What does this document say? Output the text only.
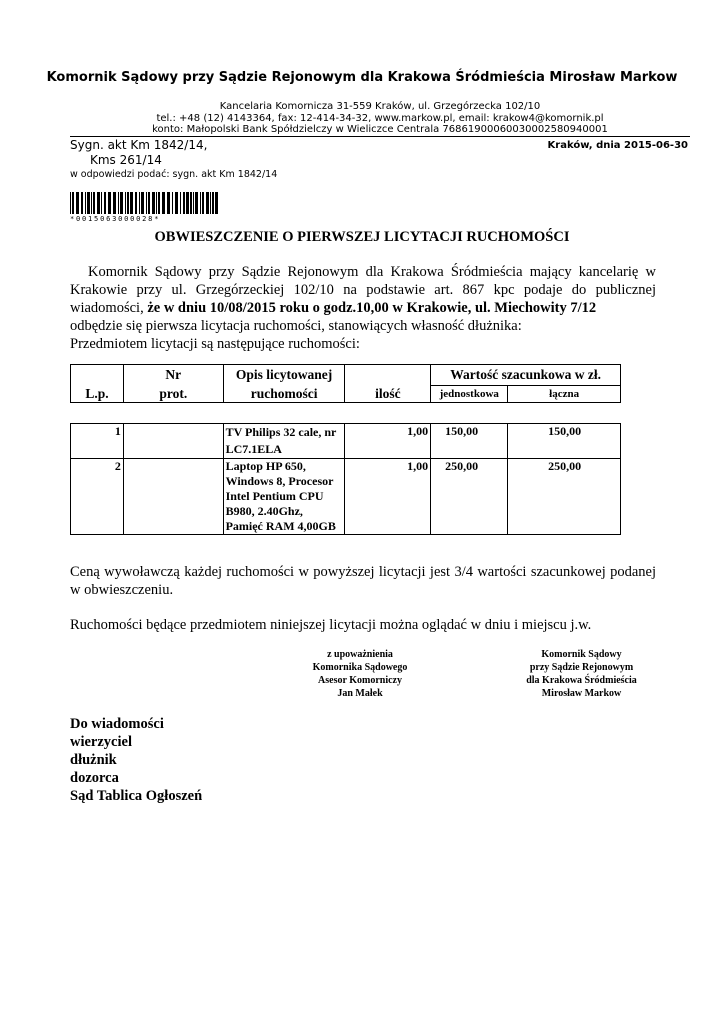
Komornik Sądowy przy Sądzie Rejonowym dla Krakowa Śródmieścia Mirosław Markow
Kancelaria Komornicza 31-559 Kraków, ul. Grzegórzecka 102/10
tel.: +48 (12) 4143364, fax: 12-414-34-32, www.markow.pl, email: krakow4@komornik.pl
konto: Małopolski Bank Spółdzielczy w Wieliczce Centrala 76861900060030002580940001
Sygn. akt Km 1842/14,
Kms 261/14
w odpowiedzi podać: sygn. akt Km 1842/14
Kraków, dnia 2015-06-30
*0015063000028*
OBWIESZCZENIE O PIERWSZEJ LICYTACJI RUCHOMOŚCI

Komornik Sądowy przy Sądzie Rejonowym dla Krakowa Śródmieścia mający kancelarię w Krakowie przy ul. Grzegórzeckiej 102/10 na podstawie art. 867 kpc podaje do publicznej wiadomości, że w dniu 10/08/2015 roku o godz.10,00 w Krakowie, ul. Miechowity 7/12

odbędzie się pierwsza licytacja ruchomości, stanowiących własność dłużnika:

Przedmiotem licytacji są następujące ruchomości:

L.p.	Nr	Opis licytowanej	ilość	Wartość szacunkowa w zł.	
	prot.	ruchomości		jednostkowa	łączna
1		TV Philips 32 cale, nr LC7.1ELA	1,00	150,00	150,00
2		Laptop HP 650, Windows 8, Procesor Intel Pentium CPU B980, 2.40Ghz, Pamięć RAM 4,00GB	1,00	250,00	250,00
Ceną wywoławczą każdej ruchomości w powyższej licytacji jest 3/4 wartości szacunkowej podanej w obwieszczeniu.
Ruchomości będące przedmiotem niniejszej licytacji można oglądać w dniu i miejscu j.w.
z upoważnienia
Komornika Sądowego
Asesor Komorniczy
Jan Małek
Komornik Sądowy
przy Sądzie Rejonowym
dla Krakowa Śródmieścia
Mirosław Markow
Do wiadomości
wierzyciel
dłużnik
dozorca
Sąd Tablica Ogłoszeń
